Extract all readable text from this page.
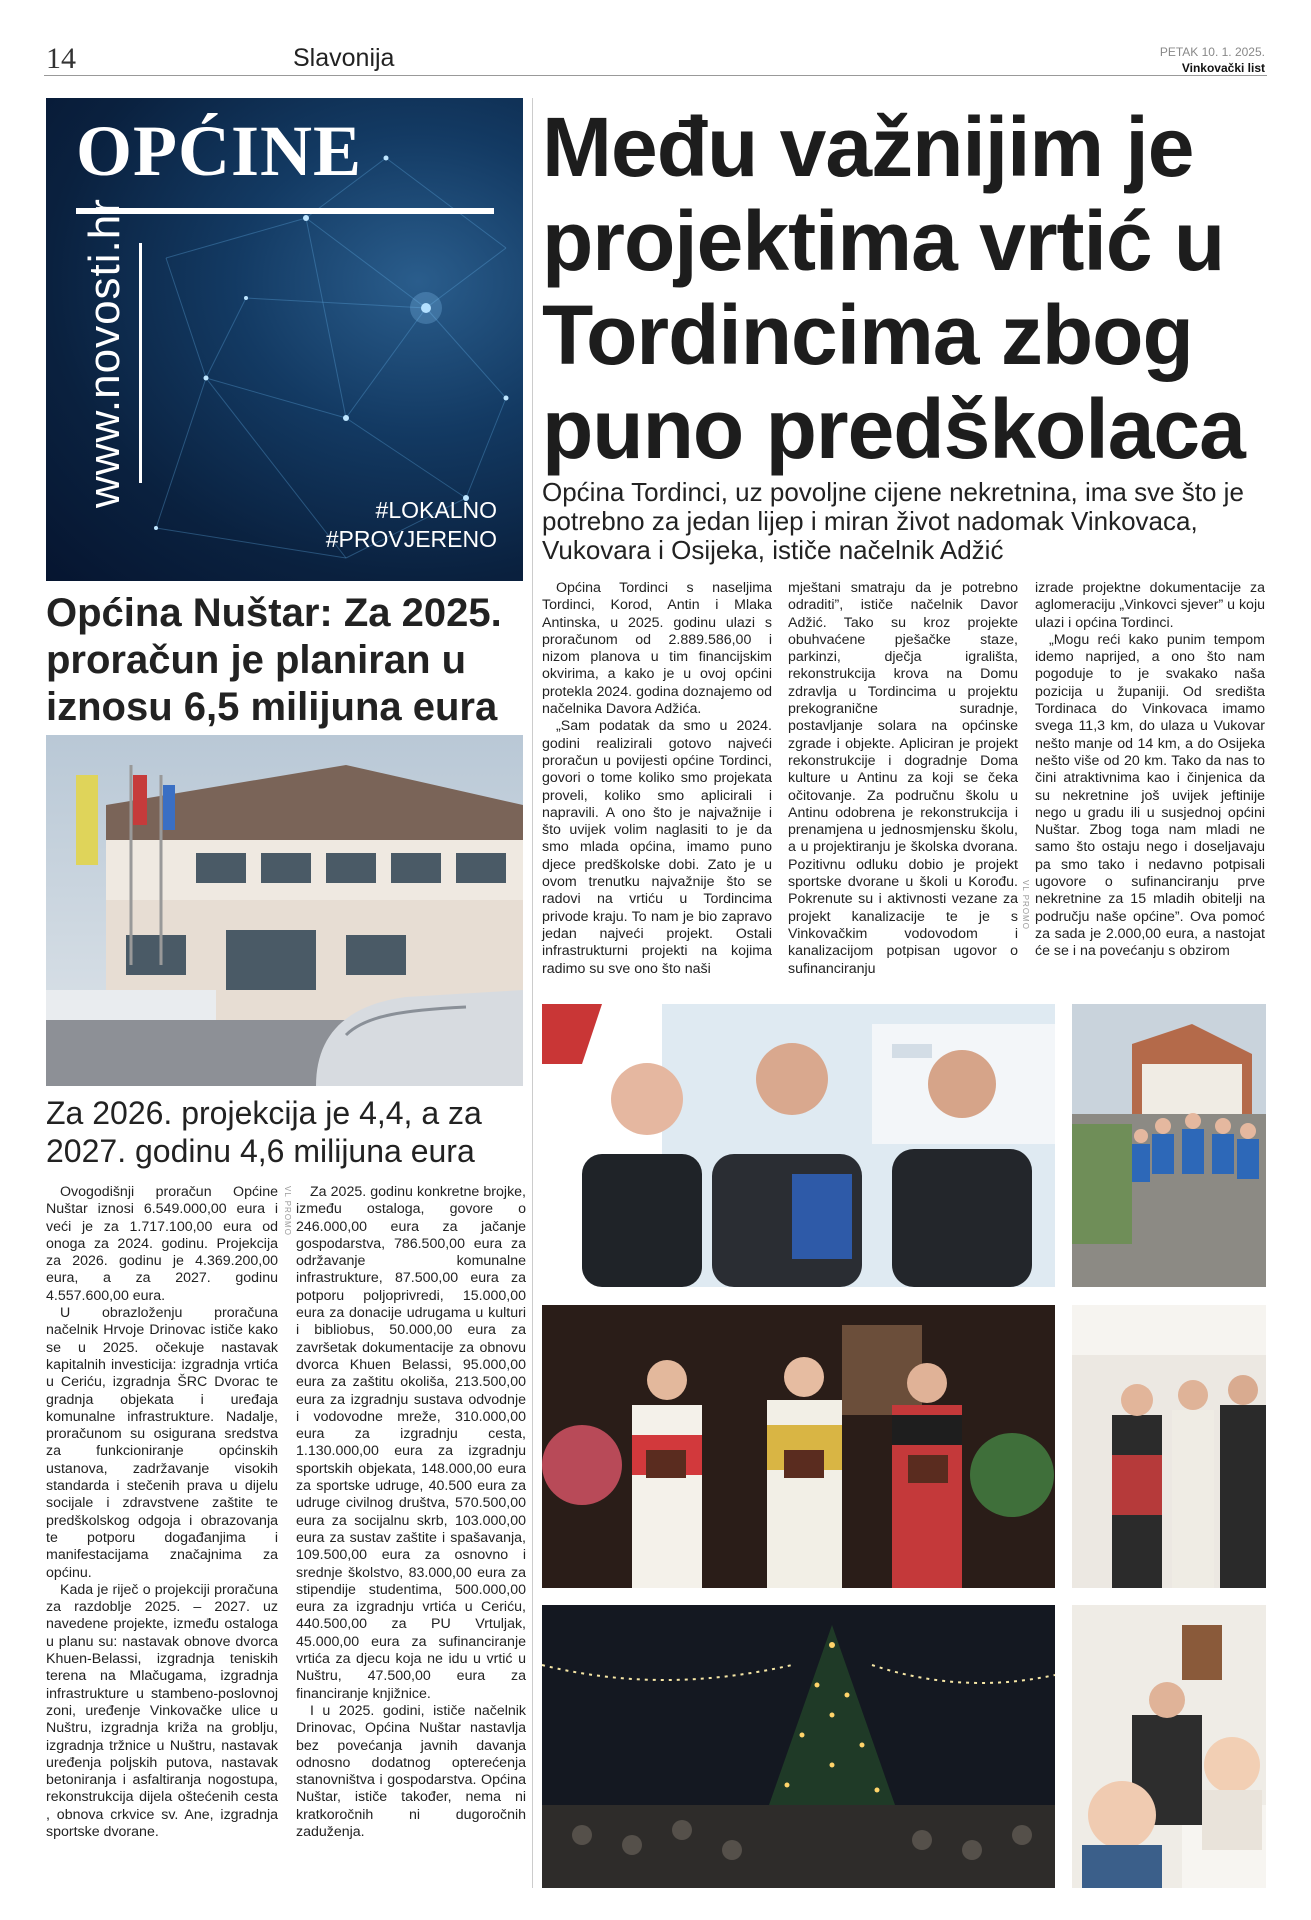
14	Slavonija	PETAK 10. 1. 2025.
Vinkovački list
OPĆINE
www.novosti.hr
#LOKALNO
#PROVJERENO
Općina Nuštar: Za 2025. proračun je planiran u iznosu 6,5 milijuna eura
Za 2026. projekcija je 4,4, a za 2027. godinu 4,6 milijuna eura

Ovogodišnji proračun Općine Nuštar iznosi 6.549.000,00 eura i veći je za 1.717.100,00 eura od onoga za 2024. godinu. Projekcija za 2026. godinu je 4.369.200,00 eura, a za 2027. godinu 4.557.600,00 eura.

U obrazloženju proračuna načelnik Hrvoje Drinovac ističe kako se u 2025. očekuje nastavak kapitalnih investicija: izgradnja vrtića u Ceriću, izgradnja ŠRC Dvorac te gradnja objekata i uređaja komunalne infrastrukture. Nadalje, proračunom su osigurana sredstva za funkcioniranje općinskih ustanova, zadržavanje visokih standarda i stečenih prava u dijelu socijale i zdravstvene zaštite te predškolskog odgoja i obrazovanja te potporu događanjima i manifestacijama značajnima za općinu.

Kada je riječ o projekciji proračuna za razdoblje 2025. – 2027. uz navedene projekte, između ostaloga u planu su: nastavak obnove dvorca Khuen-Belassi, izgradnja teniskih terena na Mlačugama, izgradnja infrastrukture u stambeno-poslovnoj zoni, uređenje Vinkovačke ulice u Nuštru, izgradnja križa na groblju, izgradnja tržnice u Nuštru, nastavak uređenja poljskih putova, nastavak betoniranja i asfaltiranja nogostupa, rekonstrukcija dijela oštećenih cesta , obnova crkvice sv. Ane, izgradnja sportske dvorane.

VL PROMO	Za 2025. godinu konkretne brojke, između ostaloga, govore o 246.000,00 eura za jačanje gospodarstva, 786.500,00 eura za održavanje komunalne infrastrukture, 87.500,00 eura za potporu poljoprivredi, 15.000,00 eura za donacije udrugama u kulturi i bibliobus, 50.000,00 eura za završetak dokumentacije za obnovu dvorca Khuen Belassi, 95.000,00 eura za zaštitu okoliša, 213.500,00 eura za izgradnju sustava odvodnje i vodovodne mreže, 310.000,00 eura za izgradnju cesta, 1.130.000,00 eura za izgradnju sportskih objekata, 148.000,00 eura za sportske udruge, 40.500 eura za udruge civilnog društva, 570.500,00 eura za socijalnu skrb, 103.000,00 eura za sustav zaštite i spašavanja, 109.500,00 eura za osnovno i srednje školstvo, 83.000,00 eura za stipendije studentima, 500.000,00 eura za izgradnju vrtića u Ceriću, 440.500,00 za PU Vrtuljak, 45.000,00 eura za sufinanciranje vrtića za djecu koja ne idu u vrtić u Nuštru, 47.500,00 eura za financiranje knjižnice.

I u 2025. godini, ističe načelnik Drinovac, Općina Nuštar nastavlja bez povećanja javnih davanja odnosno dodatnog opterećenja stanovništva i gospodarstva. Općina Nuštar, ističe također, nema ni kratkoročnih ni dugoročnih zaduženja.

Među važnijim je projektima vrtić u Tordincima zbog puno predškolaca
Općina Tordinci, uz povoljne cijene nekretnina, ima sve što je potrebno za jedan lijep i miran život nadomak Vinkovaca, Vukovara i Osijeka, ističe načelnik Adžić

Općina Tordinci s naseljima Tordinci, Korod, Antin i Mlaka Antinska, u 2025. godinu ulazi s proračunom od 2.889.586,00 i nizom planova u tim financijskim okvirima, a kako je u ovoj općini protekla 2024. godina doznajemo od načelnika Davora Adžića.

„Sam podatak da smo u 2024. godini realizirali gotovo najveći proračun u povijesti općine Tordinci, govori o tome koliko smo projekata proveli, koliko smo aplicirali i napravili. A ono što je najvažnije i što uvijek volim naglasiti to je da smo mlada općina, imamo puno djece predškolske dobi. Zato je u ovom trenutku najvažnije što se radovi na vrtiću u Tordincima privode kraju. To nam je bio zapravo jedan najveći projekt. Ostali infrastrukturni projekti na kojima radimo su sve ono što naši

mještani smatraju da je potrebno odraditi”, ističe načelnik Davor Adžić. Tako su kroz projekte obuhvaćene pješačke staze, parkinzi, dječja igrališta, rekonstrukcija krova na Domu zdravlja u Tordincima u projektu prekograničnе suradnje, postavljanje solara na općinske zgrade i objekte. Apliciran je projekt rekonstrukcije i dogradnje Doma kulture u Antinu za koji se čeka očitovanje. Za područnu školu u Antinu odobrena je rekonstrukcija i prenamjena u jednosmjensku školu, a u projektiranju je školska dvorana. Pozitivnu odluku dobio je projekt sportske dvorane u školi u Korođu. Pokrenute su i aktivnosti vezane za projekt kanalizacije te je s Vinkovačkim vodovodom i kanalizacijom potpisan ugovor o sufinanciranju

izrade projektne dokumentacije za aglomeraciju „Vinkovci sjever” u koju ulazi i općina Tordinci.

„Mogu reći kako punim tempom idemo naprijed, a ono što nam pogoduje to je svakako naša pozicija u županiji. Od središta Tordinaca do Vinkovaca imamo svega 11,3 km, do ulaza u Vukovar nešto manje od 14 km, a do Osijeka nešto više od 20 km. Tako da nas to čini atraktivnima kao i činjenica da su nekretnine još uvijek jeftinije nego u gradu ili u susjednoj općini Nuštar. Zbog toga nam mladi ne samo što ostaju nego i doseljavaju pa smo tako i nedavno potpisali ugovore o sufinanciranju prve nekretnine za 15 mladih obitelji na području naše općine”. Ova pomoć za sada je 2.000,00 eura, a nastojat će se i na povećanju s obzirom

VL PROMO
